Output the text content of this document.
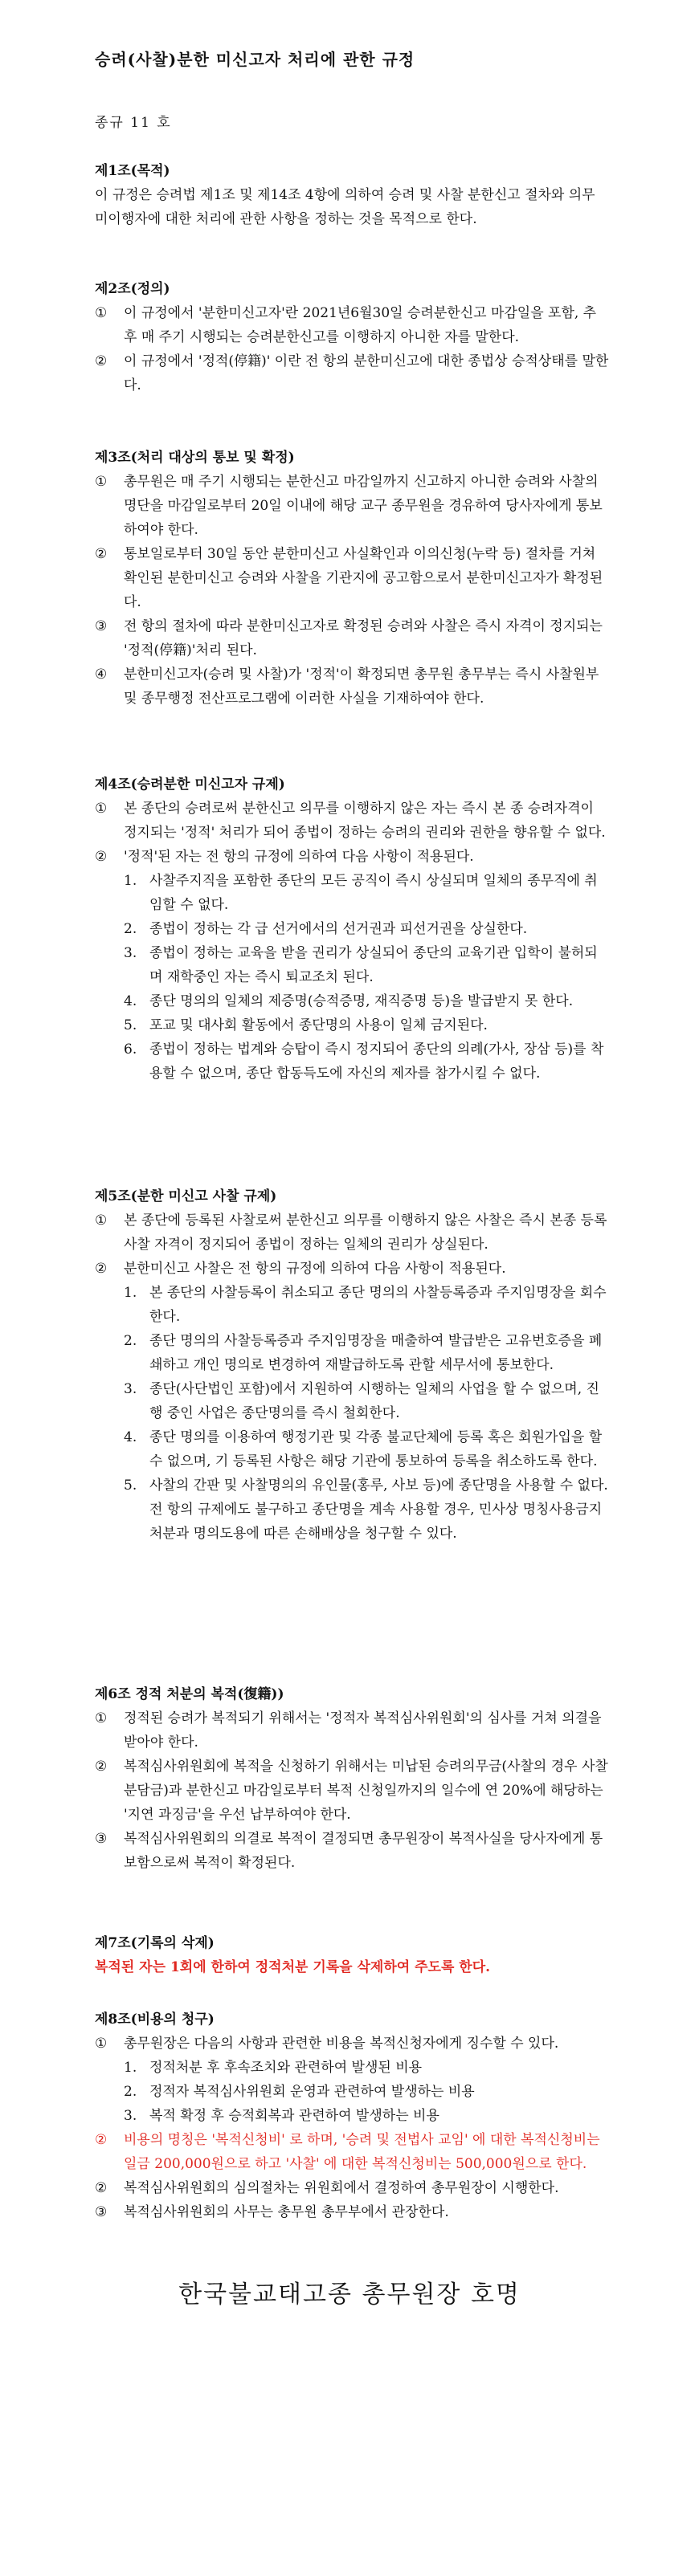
승려(사찰)분한 미신고자 처리에 관한 규정
종규 11 호
제1조(목적)

이 규정은 승려법 제1조 및 제14조 4항에 의하여 승려 및 사찰 분한신고 절차와 의무 미이행자에 대한 처리에 관한 사항을 정하는 것을 목적으로 한다.

제2조(정의)
① 이 규정에서 '분한미신고자'란 2021년6월30일 승려분한신고 마감일을 포함, 추후 매 주기 시행되는 승려분한신고를 이행하지 아니한 자를 말한다.
② 이 규정에서 '정적(停籍)' 이란 전 항의 분한미신고에 대한 종법상 승적상태를 말한다.
제3조(처리 대상의 통보 및 확정)
① 총무원은 매 주기 시행되는 분한신고 마감일까지 신고하지 아니한 승려와 사찰의 명단을 마감일로부터 20일 이내에 해당 교구 종무원을 경유하여 당사자에게 통보하여야 한다.
② 통보일로부터 30일 동안 분한미신고 사실확인과 이의신청(누락 등) 절차를 거쳐 확인된 분한미신고 승려와 사찰을 기관지에 공고함으로서 분한미신고자가 확정된다.
③ 전 항의 절차에 따라 분한미신고자로 확정된 승려와 사찰은 즉시 자격이 정지되는 '정적(停籍)'처리 된다.
④ 분한미신고자(승려 및 사찰)가 '정적'이 확정되면 총무원 총무부는 즉시 사찰원부 및 종무행정 전산프로그램에 이러한 사실을 기재하여야 한다.
제4조(승려분한 미신고자 규제)
① 본 종단의 승려로써 분한신고 의무를 이행하지 않은 자는 즉시 본 종 승려자격이 정지되는 '정적' 처리가 되어 종법이 정하는 승려의 권리와 권한을 향유할 수 없다.
② '정적'된 자는 전 항의 규정에 의하여 다음 사항이 적용된다.
1. 사찰주지직을 포함한 종단의 모든 공직이 즉시 상실되며 일체의 종무직에 취임할 수 없다.
2. 종법이 정하는 각 급 선거에서의 선거권과 피선거권을 상실한다.
3. 종법이 정하는 교육을 받을 권리가 상실되어 종단의 교육기관 입학이 불허되며 재학중인 자는 즉시 퇴교조치 된다.
4. 종단 명의의 일체의 제증명(승적증명, 재직증명 등)을 발급받지 못 한다.
5. 포교 및 대사회 활동에서 종단명의 사용이 일체 금지된다.
6. 종법이 정하는 법계와 승탑이 즉시 정지되어 종단의 의례(가사, 장삼 등)를 착용할 수 없으며, 종단 합동득도에 자신의 제자를 참가시킬 수 없다.
제5조(분한 미신고 사찰 규제)
① 본 종단에 등록된 사찰로써 분한신고 의무를 이행하지 않은 사찰은 즉시 본종 등록사찰 자격이 정지되어 종법이 정하는 일체의 권리가 상실된다.
② 분한미신고 사찰은 전 항의 규정에 의하여 다음 사항이 적용된다.
1. 본 종단의 사찰등록이 취소되고 종단 명의의 사찰등록증과 주지임명장을 회수한다.
2. 종단 명의의 사찰등록증과 주지임명장을 매출하여 발급받은 고유번호증을 폐쇄하고 개인 명의로 변경하여 재발급하도록 관할 세무서에 통보한다.
3. 종단(사단법인 포함)에서 지원하여 시행하는 일체의 사업을 할 수 없으며, 진행 중인 사업은 종단명의를 즉시 철회한다.
4. 종단 명의를 이용하여 행정기관 및 각종 불교단체에 등록 혹은 회원가입을 할 수 없으며, 기 등록된 사항은 해당 기관에 통보하여 등록을 취소하도록 한다.
5. 사찰의 간판 및 사찰명의의 유인물(홍루, 사보 등)에 종단명을 사용할 수 없다.
전 항의 규제에도 불구하고 종단명을 계속 사용할 경우, 민사상 명칭사용금지처분과 명의도용에 따른 손해배상을 청구할 수 있다.
제6조 정적 처분의 복적(復籍))
① 정적된 승려가 복적되기 위해서는 '정적자 복적심사위원회'의 심사를 거쳐 의결을 받아야 한다.
② 복적심사위원회에 복적을 신청하기 위해서는 미납된 승려의무금(사찰의 경우 사찰분담금)과 분한신고 마감일로부터 복적 신청일까지의 일수에 연 20%에 해당하는 '지연 과징금'을 우선 납부하여야 한다.
③ 복적심사위원회의 의결로 복적이 결정되면 총무원장이 복적사실을 당사자에게 통보함으로써 복적이 확정된다.
제7조(기록의 삭제)

복적된 자는 1회에 한하여 정적처분 기록을 삭제하여 주도록 한다.

제8조(비용의 청구)
① 총무원장은 다음의 사항과 관련한 비용을 복적신청자에게 징수할 수 있다.
1. 정적처분 후 후속조치와 관련하여 발생된 비용
2. 정적자 복적심사위원회 운영과 관련하여 발생하는 비용
3. 복적 확정 후 승적회복과 관련하여 발생하는 비용
② 비용의 명칭은 '복적신청비' 로 하며, '승려 및 전법사 교임' 에 대한 복적신청비는 일금 200,000원으로 하고 '사찰' 에 대한 복적신청비는 500,000원으로 한다.
② 복적심사위원회의 심의절차는 위원회에서 결정하여 총무원장이 시행한다.
③ 복적심사위원회의 사무는 총무원 총무부에서 관장한다.
한국불교태고종 총무원장 호명
